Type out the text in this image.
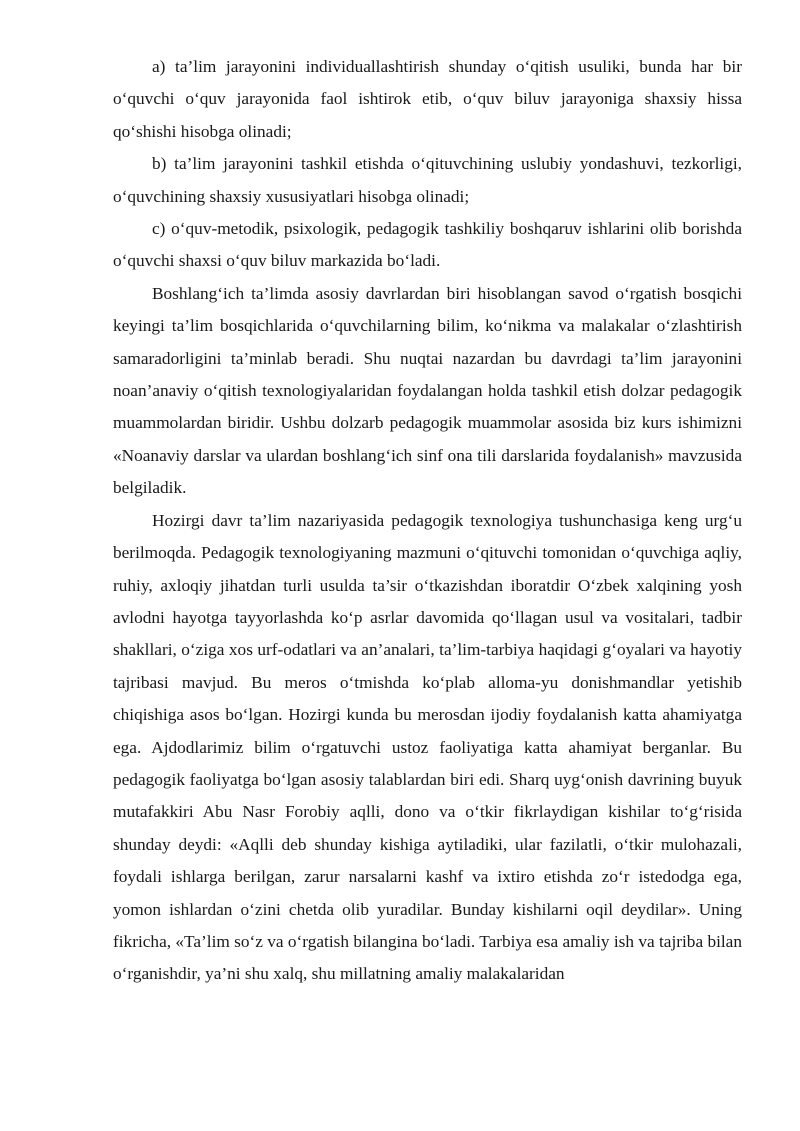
a) ta’lim jarayonini individuallashtirish shunday o‘qitish usuliki, bunda har bir o‘quvchi o‘quv jarayonida faol ishtirok etib, o‘quv biluv jarayoniga shaxsiy hissa qo‘shishi hisobga olinadi;

b) ta’lim jarayonini tashkil etishda o‘qituvchining uslubiy yondashuvi, tezkorligi, o‘quvchining shaxsiy xususiyatlari hisobga olinadi;

c) o‘quv-metodik, psixologik, pedagogik tashkiliy boshqaruv ishlarini olib borishda o‘quvchi shaxsi o‘quv biluv markazida bo‘ladi.

Boshlang‘ich ta’limda asosiy davrlardan biri hisoblangan savod o‘rgatish bosqichi keyingi ta’lim bosqichlarida o‘quvchilarning bilim, ko‘nikma va malakalar o‘zlashtirish samaradorligini ta’minlab beradi. Shu nuqtai nazardan bu davrdagi ta’lim jarayonini noan’anaviy o‘qitish texnologiyalaridan foydalangan holda tashkil etish dolzar pedagogik muammolardan biridir. Ushbu dolzarb pedagogik muammolar asosida biz kurs ishimizni «Noanaviy darslar va ulardan boshlang‘ich sinf ona tili darslarida foydalanish» mavzusida belgiladik.

Hozirgi davr ta’lim nazariyasida pedagogik texnologiya tushunchasiga keng urg‘u berilmoqda. Pedagogik texnologiyaning mazmuni o‘qituvchi tomonidan o‘quvchiga aqliy, ruhiy, axloqiy jihatdan turli usulda ta’sir o‘tkazishdan iboratdir O‘zbek xalqining yosh avlodni hayotga tayyorlashda ko‘p asrlar davomida qo‘llagan usul va vositalari, tadbir shakllari, o‘ziga xos urf-odatlari va an’analari, ta’lim-tarbiya haqidagi g‘oyalari va hayotiy tajribasi mavjud. Bu meros o‘tmishda ko‘plab alloma-yu donishmandlar yetishib chiqishiga asos bo‘lgan. Hozirgi kunda bu merosdan ijodiy foydalanish katta ahamiyatga ega. Ajdodlarimiz bilim o‘rgatuvchi ustoz faoliyatiga katta ahamiyat berganlar. Bu pedagogik faoliyatga bo‘lgan asosiy talablardan biri edi. Sharq uyg‘onish davrining buyuk mutafakkiri Abu Nasr Forobiy aqlli, dono va o‘tkir fikrlaydigan kishilar to‘g‘risida shunday deydi: «Aqlli deb shunday kishiga aytiladiki, ular fazilatli, o‘tkir mulohazali, foydali ishlarga berilgan, zarur narsalarni kashf va ixtiro etishda zo‘r istedodga ega, yomon ishlardan o‘zini chetda olib yuradilar. Bunday kishilarni oqil deydilar». Uning fikricha, «Ta’lim so‘z va o‘rgatish bilangina bo‘ladi. Tarbiya esa amaliy ish va tajriba bilan o‘rganishdir, ya’ni shu xalq, shu millatning amaliy malakalaridan
